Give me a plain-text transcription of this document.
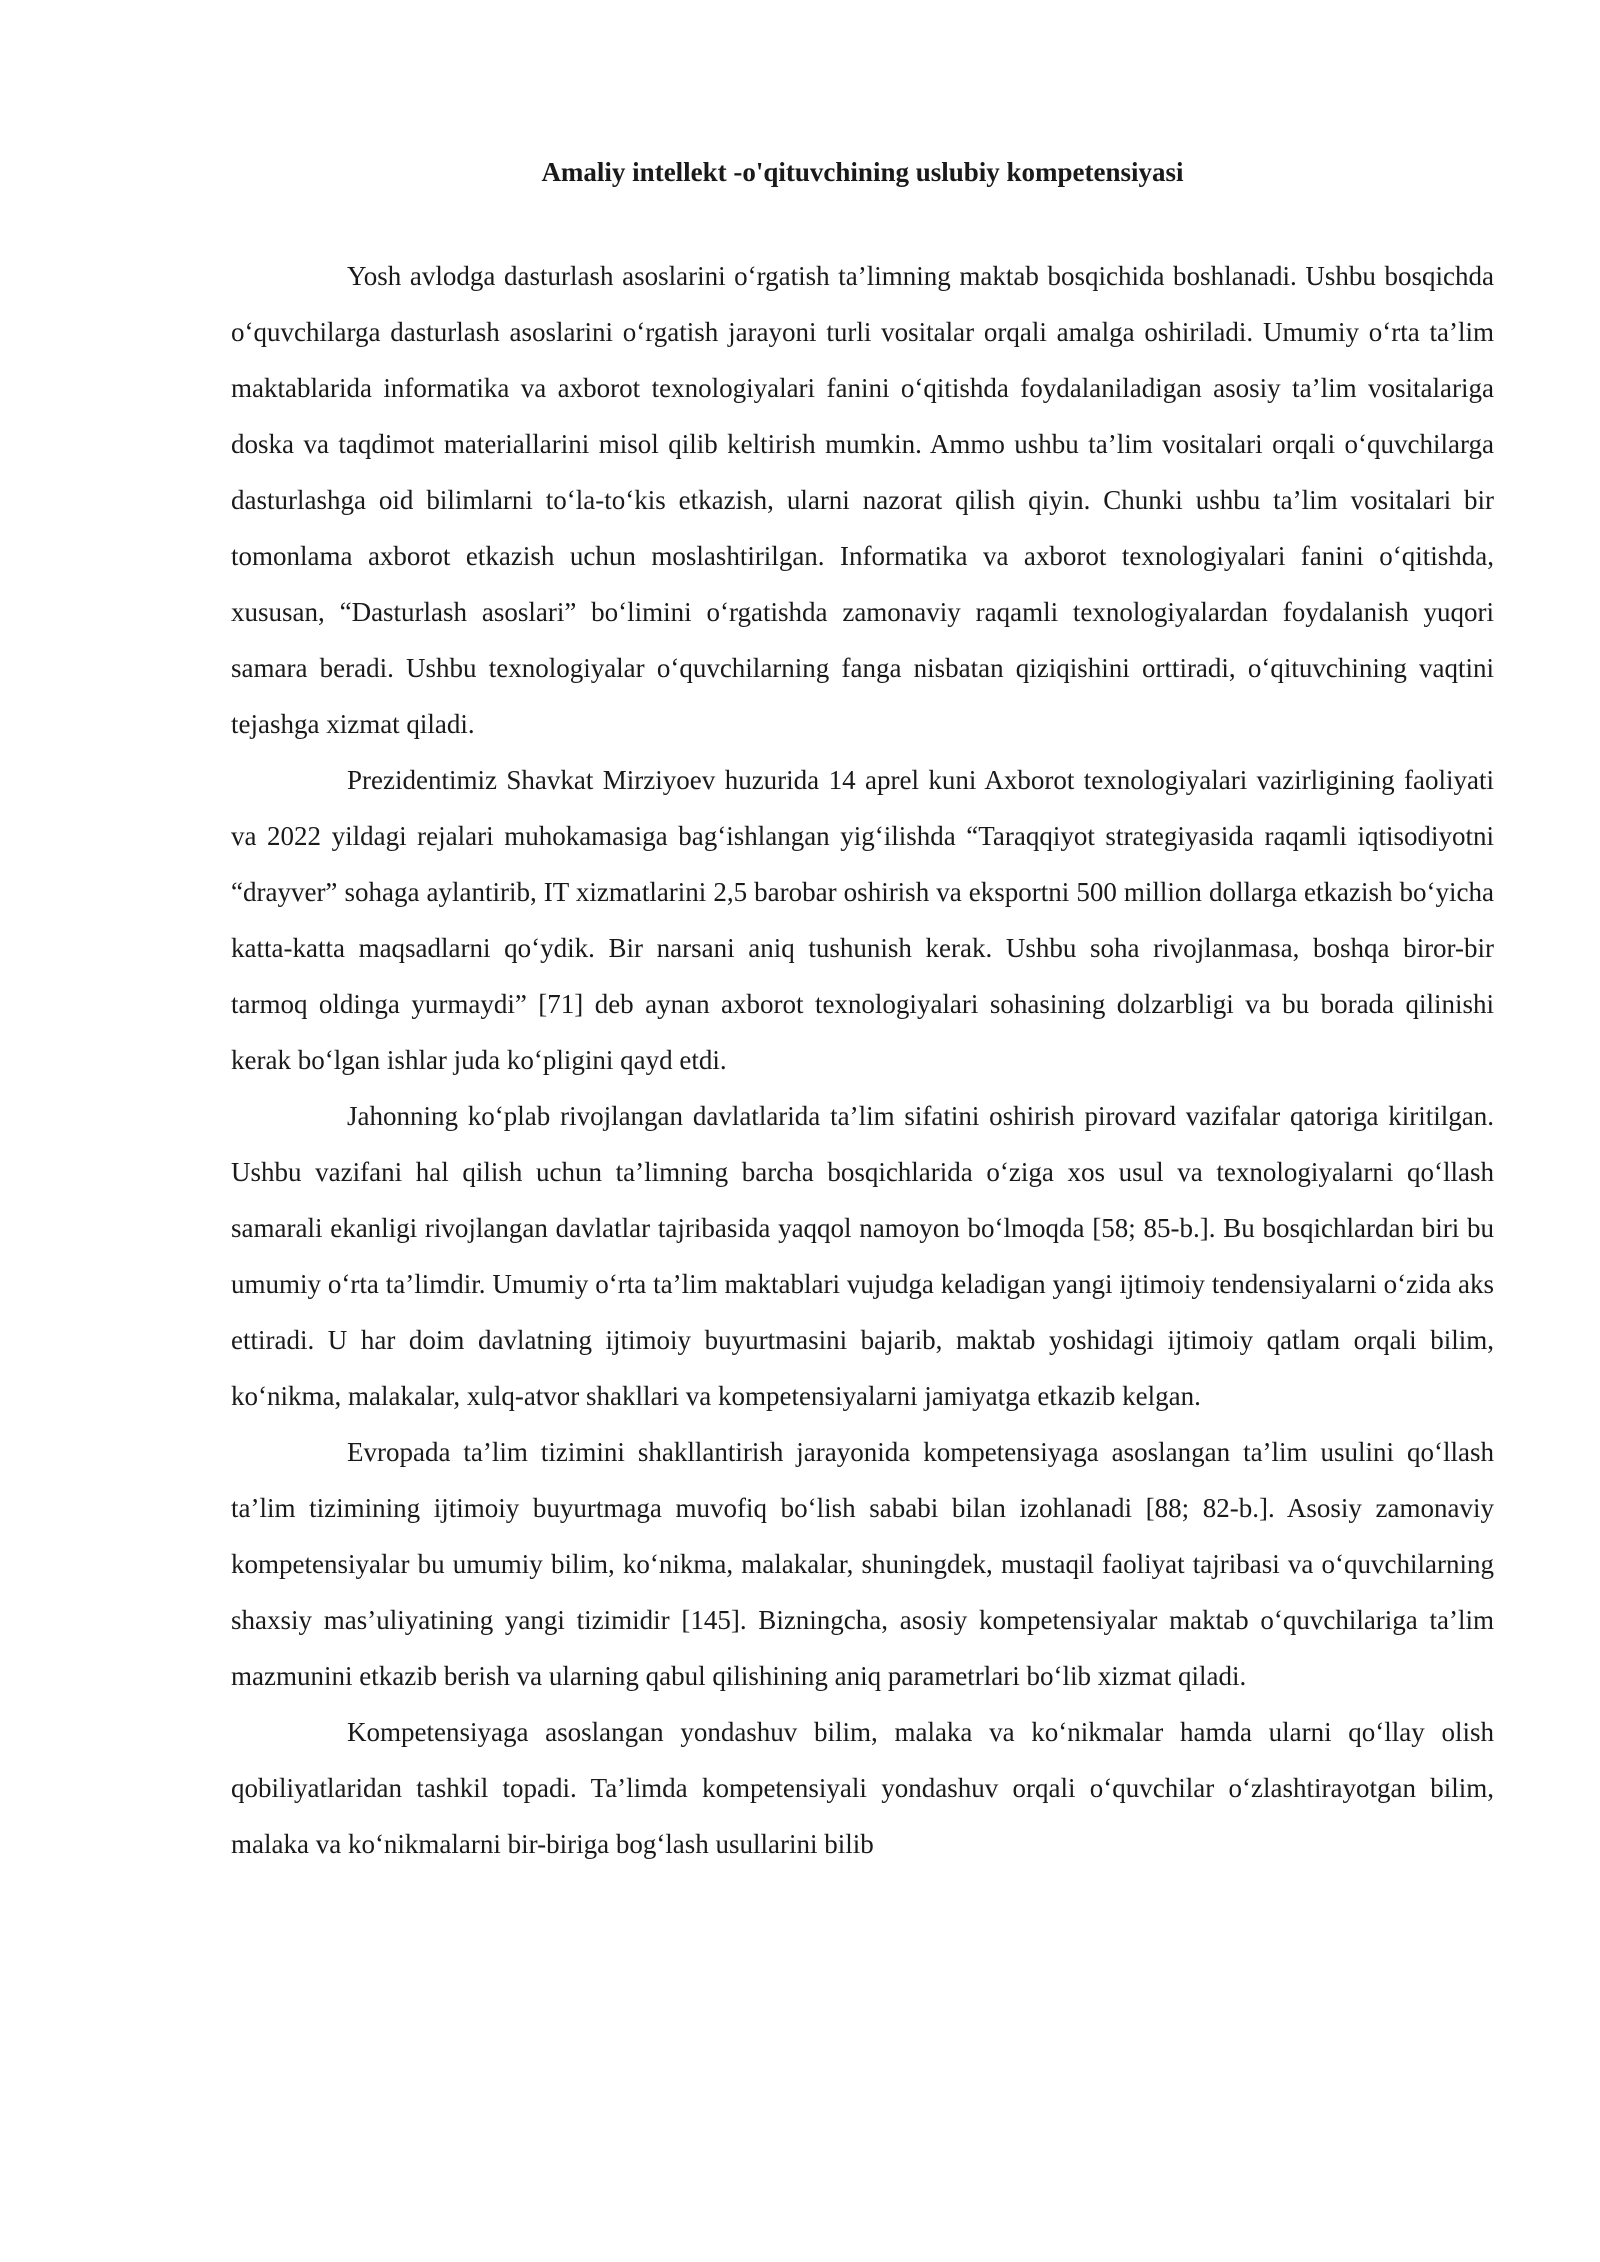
Amaliy intellekt -o'qituvchining uslubiy kompetensiyasi

Yosh avlodga dasturlash asoslarini o‘rgatish ta’limning maktab bosqichida boshlanadi. Ushbu bosqichda o‘quvchilarga dasturlash asoslarini o‘rgatish jarayoni turli vositalar orqali amalga oshiriladi. Umumiy o‘rta ta’lim maktablarida informatika va axborot texnologiyalari fanini o‘qitishda foydalaniladigan asosiy ta’lim vositalariga doska va taqdimot materiallarini misol qilib keltirish mumkin. Ammo ushbu ta’lim vositalari orqali o‘quvchilarga dasturlashga oid bilimlarni to‘la-to‘kis etkazish, ularni nazorat qilish qiyin. Chunki ushbu ta’lim vositalari bir tomonlama axborot etkazish uchun moslashtirilgan. Informatika va axborot texnologiyalari fanini o‘qitishda, xususan, “Dasturlash asoslari” bo‘limini o‘rgatishda zamonaviy raqamli texnologiyalardan foydalanish yuqori samara beradi. Ushbu texnologiyalar o‘quvchilarning fanga nisbatan qiziqishini orttiradi, o‘qituvchining vaqtini tejashga xizmat qiladi.

Prezidentimiz Shavkat Mirziyoev huzurida 14 aprel kuni Axborot texnologiyalari vazirligining faoliyati va 2022 yildagi rejalari muhokamasiga bag‘ishlangan yig‘ilishda “Taraqqiyot strategiyasida raqamli iqtisodiyotni “drayver” sohaga aylantirib, IT xizmatlarini 2,5 barobar oshirish va eksportni 500 million dollarga etkazish bo‘yicha katta-katta maqsadlarni qo‘ydik. Bir narsani aniq tushunish kerak. Ushbu soha rivojlanmasa, boshqa biror-bir tarmoq oldinga yurmaydi” [71] deb aynan axborot texnologiyalari sohasining dolzarbligi va bu borada qilinishi kerak bo‘lgan ishlar juda ko‘pligini qayd etdi.

Jahonning ko‘plab rivojlangan davlatlarida ta’lim sifatini oshirish pirovard vazifalar qatoriga kiritilgan. Ushbu vazifani hal qilish uchun ta’limning barcha bosqichlarida o‘ziga xos usul va texnologiyalarni qo‘llash samarali ekanligi rivojlangan davlatlar tajribasida yaqqol namoyon bo‘lmoqda [58; 85-b.]. Bu bosqichlardan biri bu umumiy o‘rta ta’limdir. Umumiy o‘rta ta’lim maktablari vujudga keladigan yangi ijtimoiy tendensiyalarni o‘zida aks ettiradi. U har doim davlatning ijtimoiy buyurtmasini bajarib, maktab yoshidagi ijtimoiy qatlam orqali bilim, ko‘nikma, malakalar, xulq-atvor shakllari va kompetensiyalarni jamiyatga etkazib kelgan.

Evropada ta’lim tizimini shakllantirish jarayonida kompetensiyaga asoslangan ta’lim usulini qo‘llash ta’lim tizimining ijtimoiy buyurtmaga muvofiq bo‘lish sababi bilan izohlanadi [88; 82-b.]. Asosiy zamonaviy kompetensiyalar bu umumiy bilim, ko‘nikma, malakalar, shuningdek, mustaqil faoliyat tajribasi va o‘quvchilarning shaxsiy mas’uliyatining yangi tizimidir [145]. Bizningcha, asosiy kompetensiyalar maktab o‘quvchilariga ta’lim mazmunini etkazib berish va ularning qabul qilishining aniq parametrlari bo‘lib xizmat qiladi.

Kompetensiyaga asoslangan yondashuv bilim, malaka va ko‘nikmalar hamda ularni qo‘llay olish qobiliyatlaridan tashkil topadi. Ta’limda kompetensiyali yondashuv orqali o‘quvchilar o‘zlashtirayotgan bilim, malaka va ko‘nikmalarni bir-biriga bog‘lash usullarini bilib
